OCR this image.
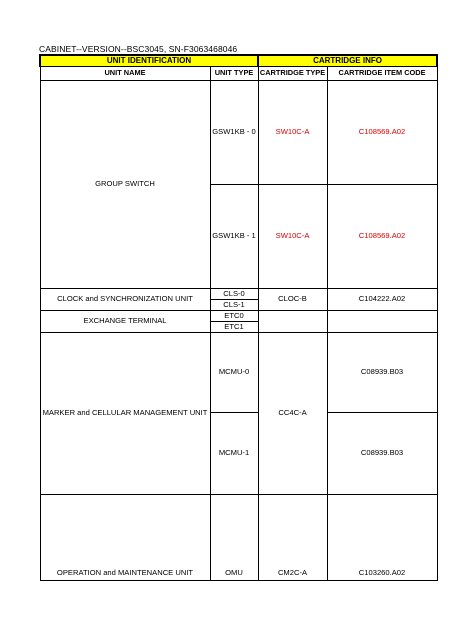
CABINET--VERSION--BSC3045, SN-F3063468046
UNIT IDENTIFICATION		CARTRIDGE INFO	
UNIT NAME	UNIT TYPE	CARTRIDGE TYPE	CARTRIDGE ITEM CODE
GROUP SWITCH	GSW1KB - 0	SW10C-A	C108569.A02
	GSW1KB - 1	SW10C-A	C108569.A02
CLOCK and SYNCHRONIZATION UNIT	CLS-0	CLOC-B	C104222.A02
	CLS-1		
EXCHANGE TERMINAL	ETC0		
	ETC1		
MARKER and CELLULAR MANAGEMENT UNIT	MCMU-0	CC4C-A	C08939.B03
	MCMU-1		C08939.B03
OPERATION and MAINTENANCE UNIT	OMU	CM2C-A	C103260.A02
